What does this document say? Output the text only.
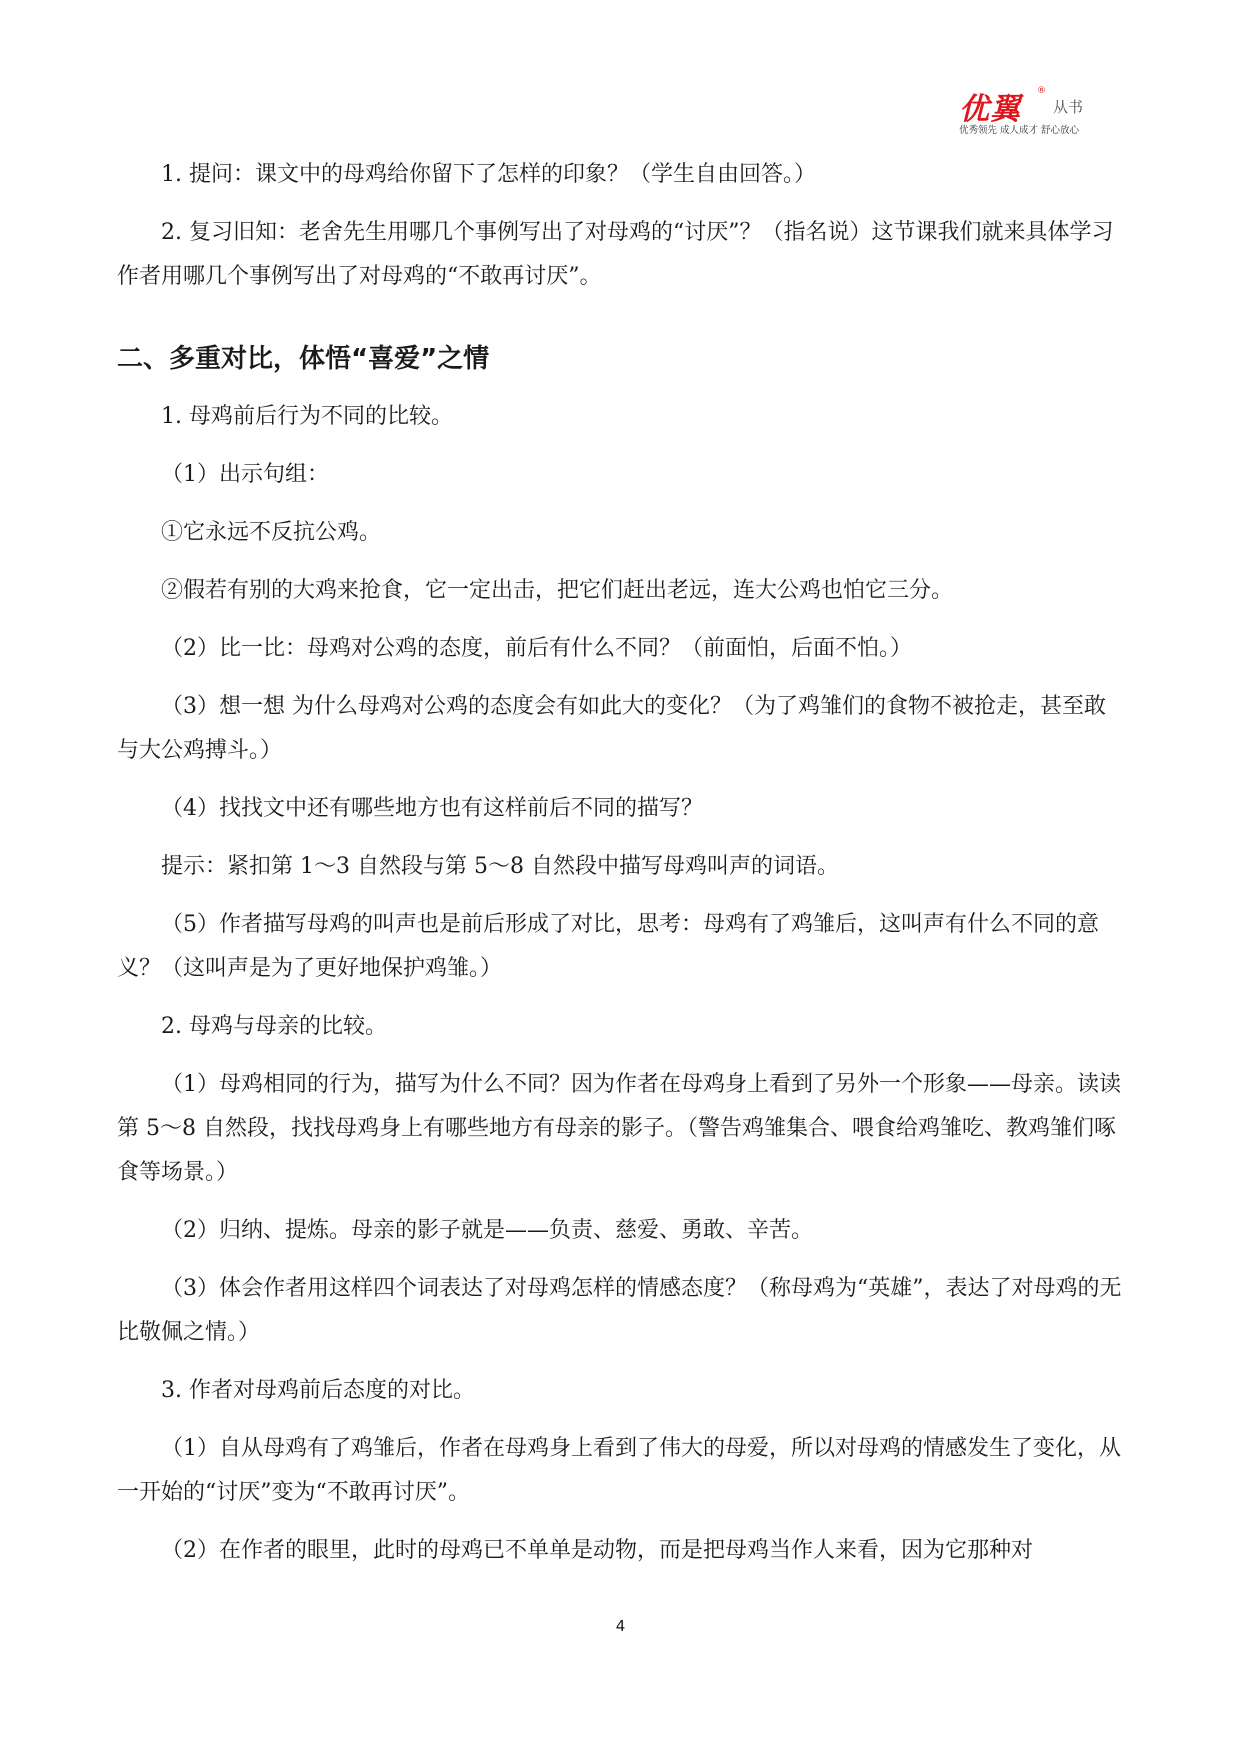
优翼
®
从书
优秀领先 成人成才 舒心放心

1. 提问：课文中的母鸡给你留下了怎样的印象？（学生自由回答。）

2. 复习旧知：老舍先生用哪几个事例写出了对母鸡的“讨厌”？（指名说）这节课我们就来具体学习作者用哪几个事例写出了对母鸡的“不敢再讨厌”。

二、多重对比，体悟“喜爱”之情

1. 母鸡前后行为不同的比较。

（1）出示句组：

①它永远不反抗公鸡。

②假若有别的大鸡来抢食，它一定出击，把它们赶出老远，连大公鸡也怕它三分。

（2）比一比：母鸡对公鸡的态度，前后有什么不同？（前面怕，后面不怕。）

（3）想一想 为什么母鸡对公鸡的态度会有如此大的变化？（为了鸡雏们的食物不被抢走，甚至敢与大公鸡搏斗。）

（4）找找文中还有哪些地方也有这样前后不同的描写？

提示：紧扣第 1～3 自然段与第 5～8 自然段中描写母鸡叫声的词语。

（5）作者描写母鸡的叫声也是前后形成了对比，思考：母鸡有了鸡雏后，这叫声有什么不同的意义？（这叫声是为了更好地保护鸡雏。）

2. 母鸡与母亲的比较。

（1）母鸡相同的行为，描写为什么不同？因为作者在母鸡身上看到了另外一个形象——母亲。读读第 5～8 自然段，找找母鸡身上有哪些地方有母亲的影子。（警告鸡雏集合、喂食给鸡雏吃、教鸡雏们啄食等场景。）

（2）归纳、提炼。母亲的影子就是——负责、慈爱、勇敢、辛苦。

（3）体会作者用这样四个词表达了对母鸡怎样的情感态度？（称母鸡为“英雄”，表达了对母鸡的无比敬佩之情。）

3. 作者对母鸡前后态度的对比。

（1）自从母鸡有了鸡雏后，作者在母鸡身上看到了伟大的母爱，所以对母鸡的情感发生了变化，从一开始的“讨厌”变为“不敢再讨厌”。

（2）在作者的眼里，此时的母鸡已不单单是动物，而是把母鸡当作人来看，因为它那种对

4
